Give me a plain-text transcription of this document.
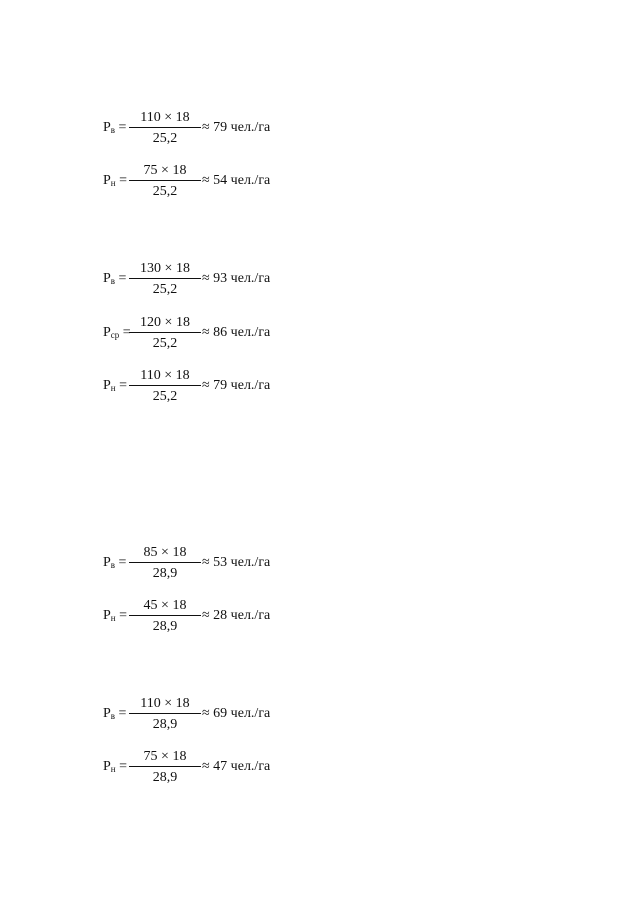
$Р_в$ =
110 × 18
25,2
≈ 79 чел./га
$Р_н$ =
75 × 18
25,2
≈ 54 чел./га

$Р_в$ =
130 × 18
25,2
≈ 93 чел./га
$Р_{ср}$ =
120 × 18
25,2
≈ 86 чел./га
$Р_н$ =
110 × 18
25,2
≈ 79 чел./га

$Р_в$ =
85 × 18
28,9
≈ 53 чел./га
$Р_н$ =
45 × 18
28,9
≈ 28 чел./га

$Р_в$ =
110 × 18
28,9
≈ 69 чел./га
$Р_н$ =
75 × 18
28,9
≈ 47 чел./га
